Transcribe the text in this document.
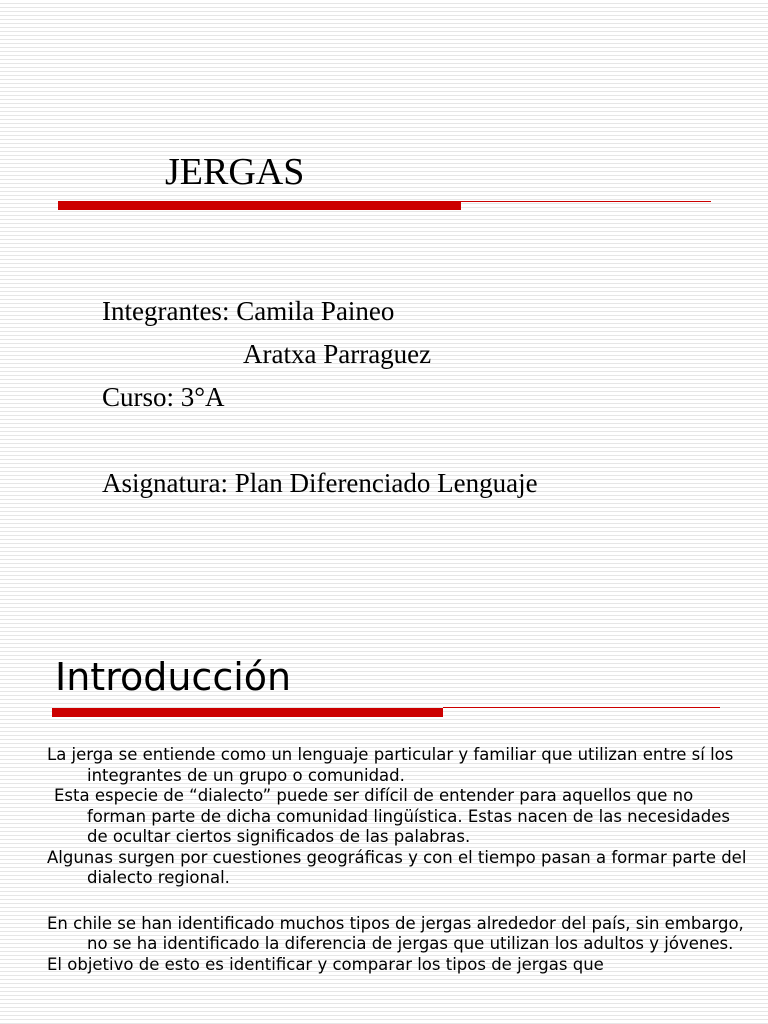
JERGAS
Integrantes: Camila Paineo
Aratxa Parraguez
Curso: 3°A
Asignatura: Plan Diferenciado Lenguaje
Introducción

La jerga se entiende como un lenguaje particular y familiar que utilizan entre sí los integrantes de un grupo o comunidad.

Esta especie de “dialecto” puede ser difícil de entender para aquellos que no forman parte de dicha comunidad lingüística. Estas nacen de las necesidades de ocultar ciertos significados de las palabras.

Algunas surgen por cuestiones geográficas y con el tiempo pasan a formar parte del dialecto regional.

En chile se han identificado muchos tipos de jergas alrededor del país, sin embargo, no se ha identificado la diferencia de jergas que utilizan los adultos y jóvenes.

El objetivo de esto es identificar y comparar los tipos de jergas que
